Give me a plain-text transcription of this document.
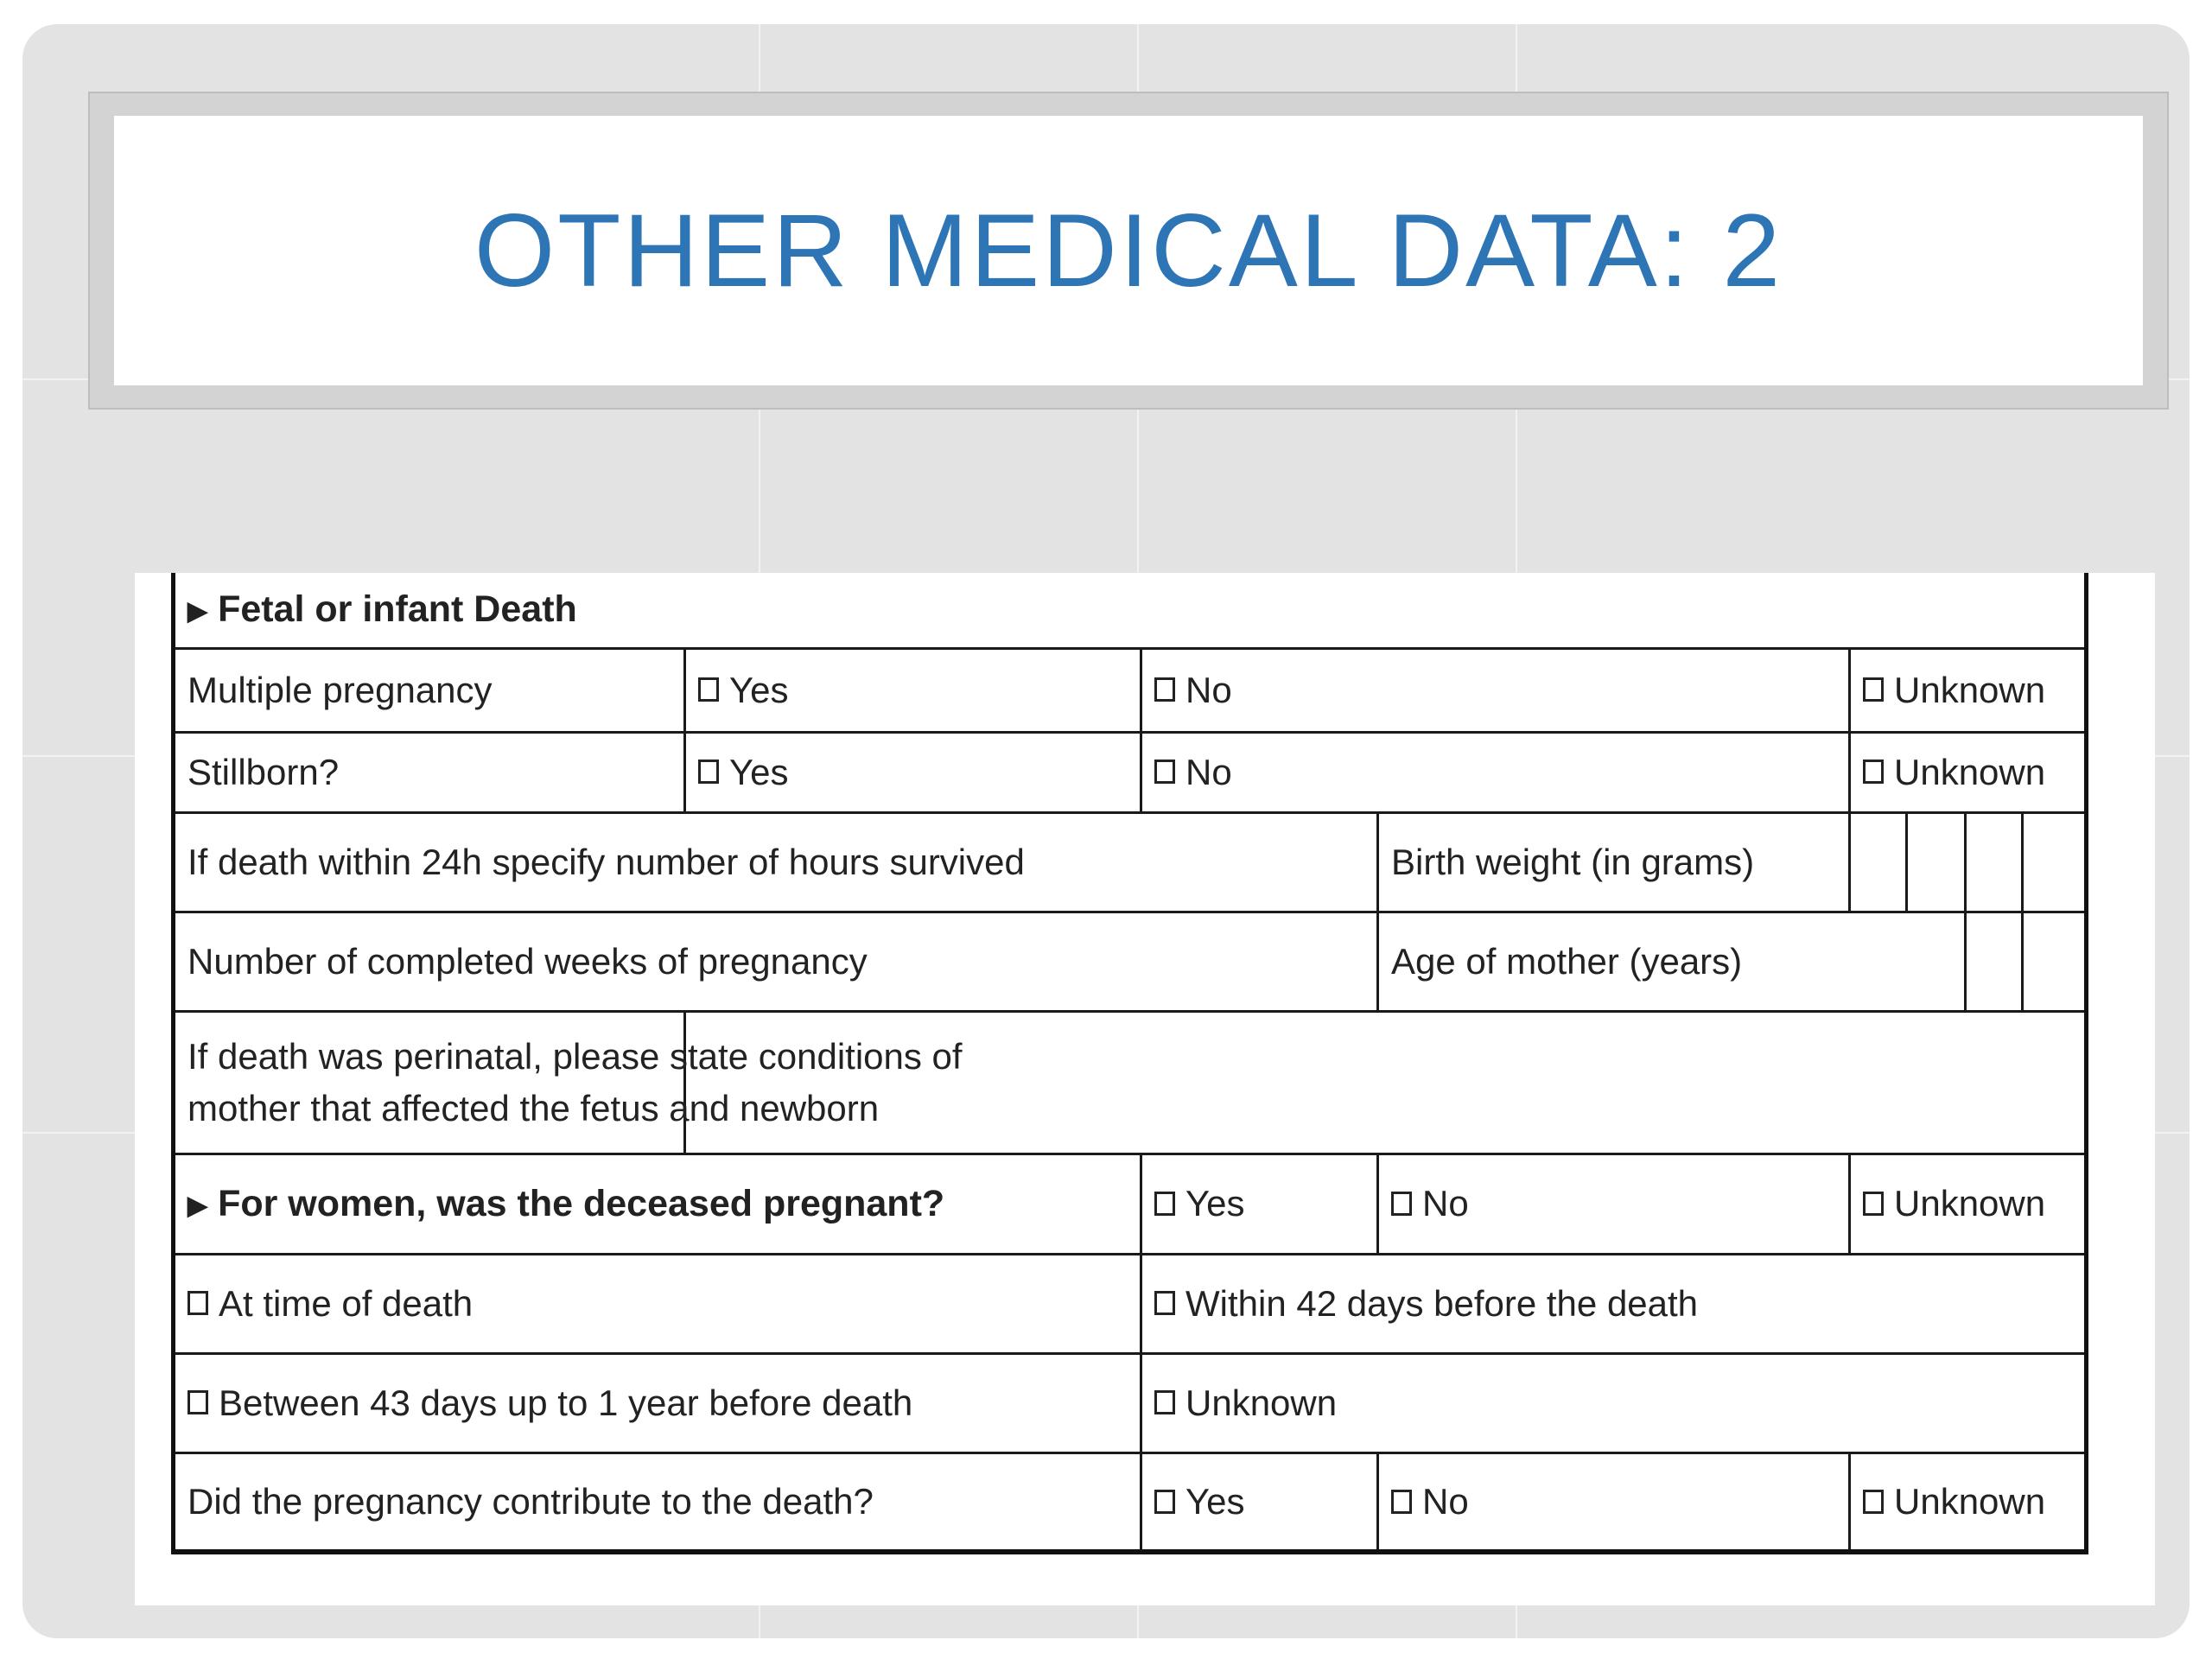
OTHER MEDICAL DATA: 2
▶ Fetal or infant Death							
Multiple pregnancy	Yes	No		Unknown			
Stillborn?	Yes	No		Unknown			
If death within 24h specify number of hours survived			Birth weight (in grams)				
Number of completed weeks of pregnancy			Age of mother (years)				
If death was perinatal, please state conditions of
mother that affected the fetus and newborn							
▶ For women, was the deceased pregnant?		Yes	No	Unknown			
At time of death		Within 42 days before the death					
Between 43 days up to 1 year before death		Unknown					
Did the pregnancy contribute to the death?		Yes	No	Unknown			
